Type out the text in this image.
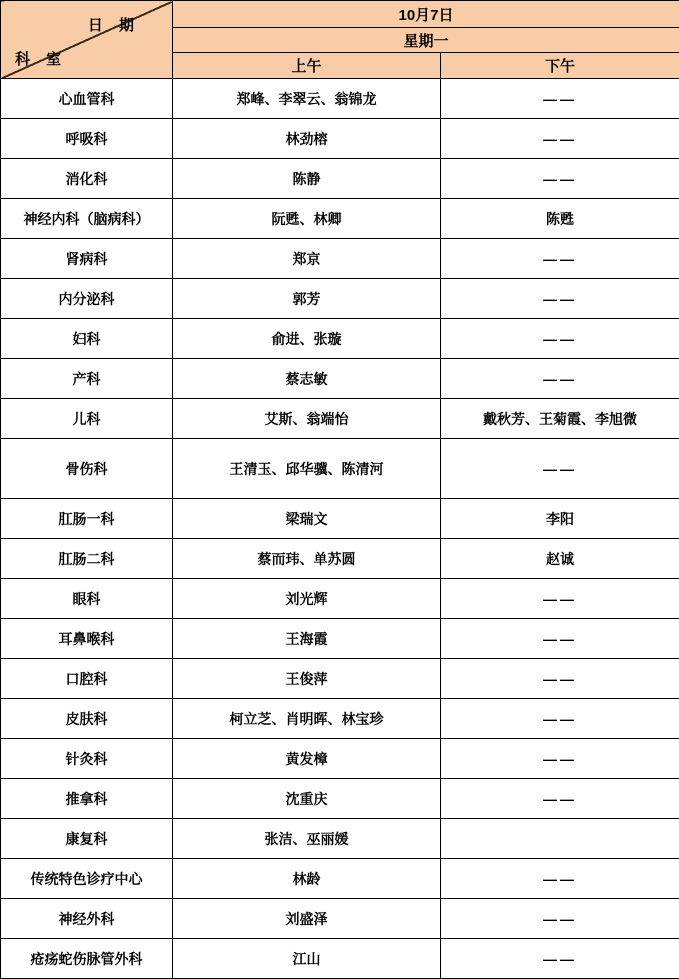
日 期
科 室	10月7日	
	星期一	
	上午	下午
心血管科	郑峰、李翠云、翁锦龙	——
呼吸科	林劲榕	——
消化科	陈静	——
神经内科（脑病科）	阮甦、林卿	陈甦
肾病科	郑京	——
内分泌科	郭芳	——
妇科	俞进、张璇	——
产科	蔡志敏	——
儿科	艾斯、翁端怡	戴秋芳、王菊霞、李旭微
骨伤科	王清玉、邱华骥、陈清河	——
肛肠一科	梁瑞文	李阳
肛肠二科	蔡而玮、单苏圆	赵诚
眼科	刘光辉	——
耳鼻喉科	王海霞	——
口腔科	王俊萍	——
皮肤科	柯立芝、肖明晖、林宝珍	——
针灸科	黄发樟	——
推拿科	沈重庆	——
康复科	张洁、巫丽媛	
传统特色诊疗中心	林龄	——
神经外科	刘盛泽	——
疮疡蛇伤脉管外科	江山	——
